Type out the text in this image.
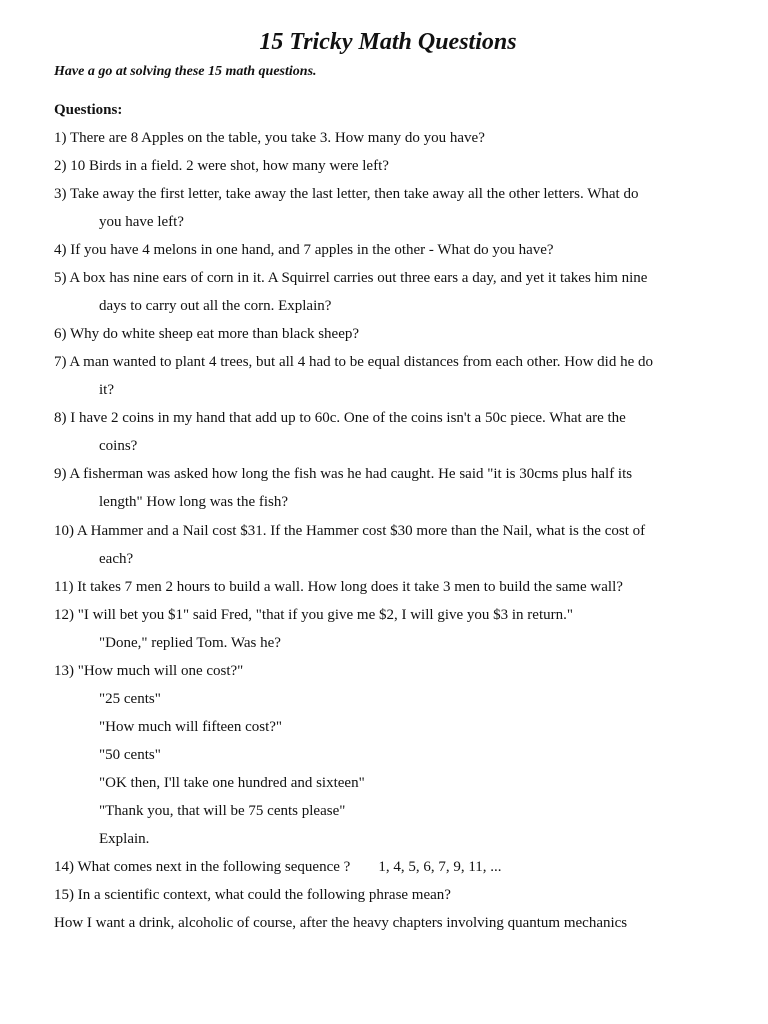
15 Tricky Math Questions
Have a go at solving these 15 math questions.
Questions:
1) There are 8 Apples on the table, you take 3. How many do you have?
2) 10 Birds in a field. 2 were shot, how many were left?
3) Take away the first letter, take away the last letter, then take away all the other letters. What do
you have left?
4) If you have 4 melons in one hand, and 7 apples in the other - What do you have?
5) A box has nine ears of corn in it. A Squirrel carries out three ears a day, and yet it takes him nine
days to carry out all the corn. Explain?
6) Why do white sheep eat more than black sheep?
7) A man wanted to plant 4 trees, but all 4 had to be equal distances from each other. How did he do
it?
8) I have 2 coins in my hand that add up to 60c. One of the coins isn't a 50c piece. What are the
coins?
9) A fisherman was asked how long the fish was he had caught. He said "it is 30cms plus half its
length" How long was the fish?
10) A Hammer and a Nail cost $31. If the Hammer cost $30 more than the Nail, what is the cost of
each?
11) It takes 7 men 2 hours to build a wall. How long does it take 3 men to build the same wall?
12) "I will bet you $1" said Fred, "that if you give me $2, I will give you $3 in return."
"Done," replied Tom. Was he?
13) "How much will one cost?"
"25 cents"
"How much will fifteen cost?"
"50 cents"
"OK then, I'll take one hundred and sixteen"
"Thank you, that will be 75 cents please"
Explain.
14) What comes next in the following sequence ? 1, 4, 5, 6, 7, 9, 11, ...
15) In a scientific context, what could the following phrase mean?
How I want a drink, alcoholic of course, after the heavy chapters involving quantum mechanics
